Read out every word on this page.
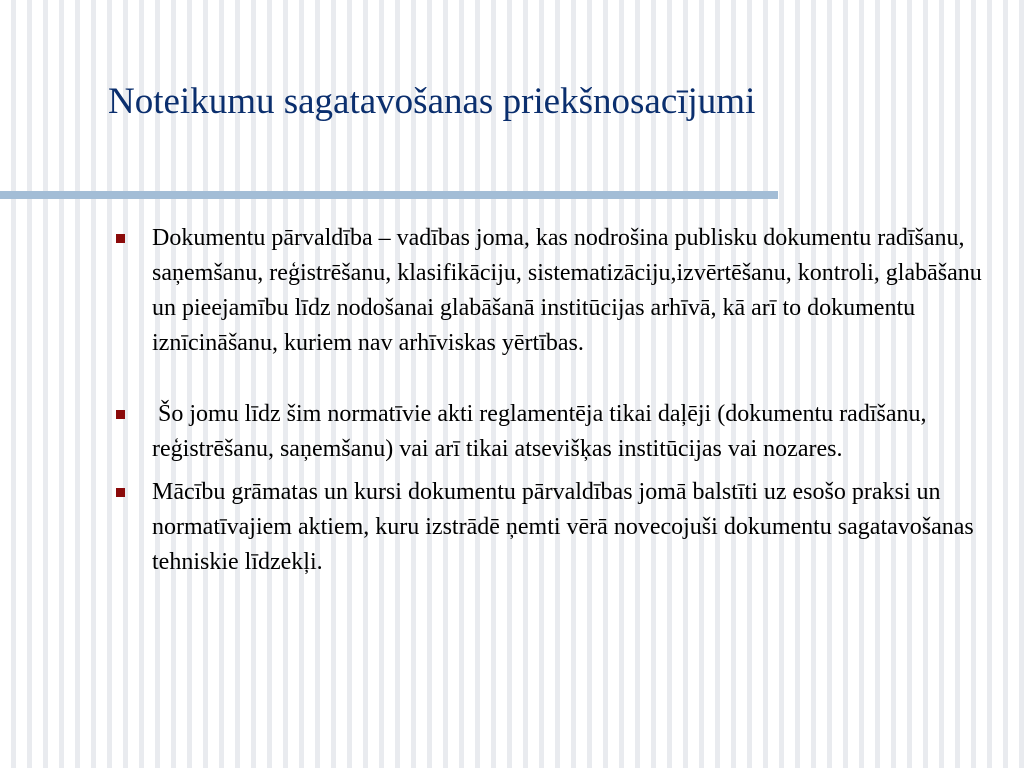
Noteikumu sagatavošanas priekšnosacījumi
Dokumentu pārvaldība – vadības joma, kas nodrošina publisku dokumentu radīšanu, saņemšanu, reģistrēšanu, klasifikāciju, sistematizāciju,izvērtēšanu, kontroli, glabāšanu un pieejamību līdz nodošanai glabāšanā institūcijas arhīvā, kā arī to dokumentu iznīcināšanu, kuriem nav arhīviskas yērtības.
Šo jomu līdz šim normatīvie akti reglamentēja tikai daļēji (dokumentu radīšanu, reģistrēšanu, saņemšanu) vai arī tikai atsevišķas institūcijas vai nozares.
Mācību grāmatas un kursi dokumentu pārvaldības jomā balstīti uz esošo praksi un normatīvajiem aktiem, kuru izstrādē ņemti vērā novecojuši dokumentu sagatavošanas tehniskie līdzekļi.
